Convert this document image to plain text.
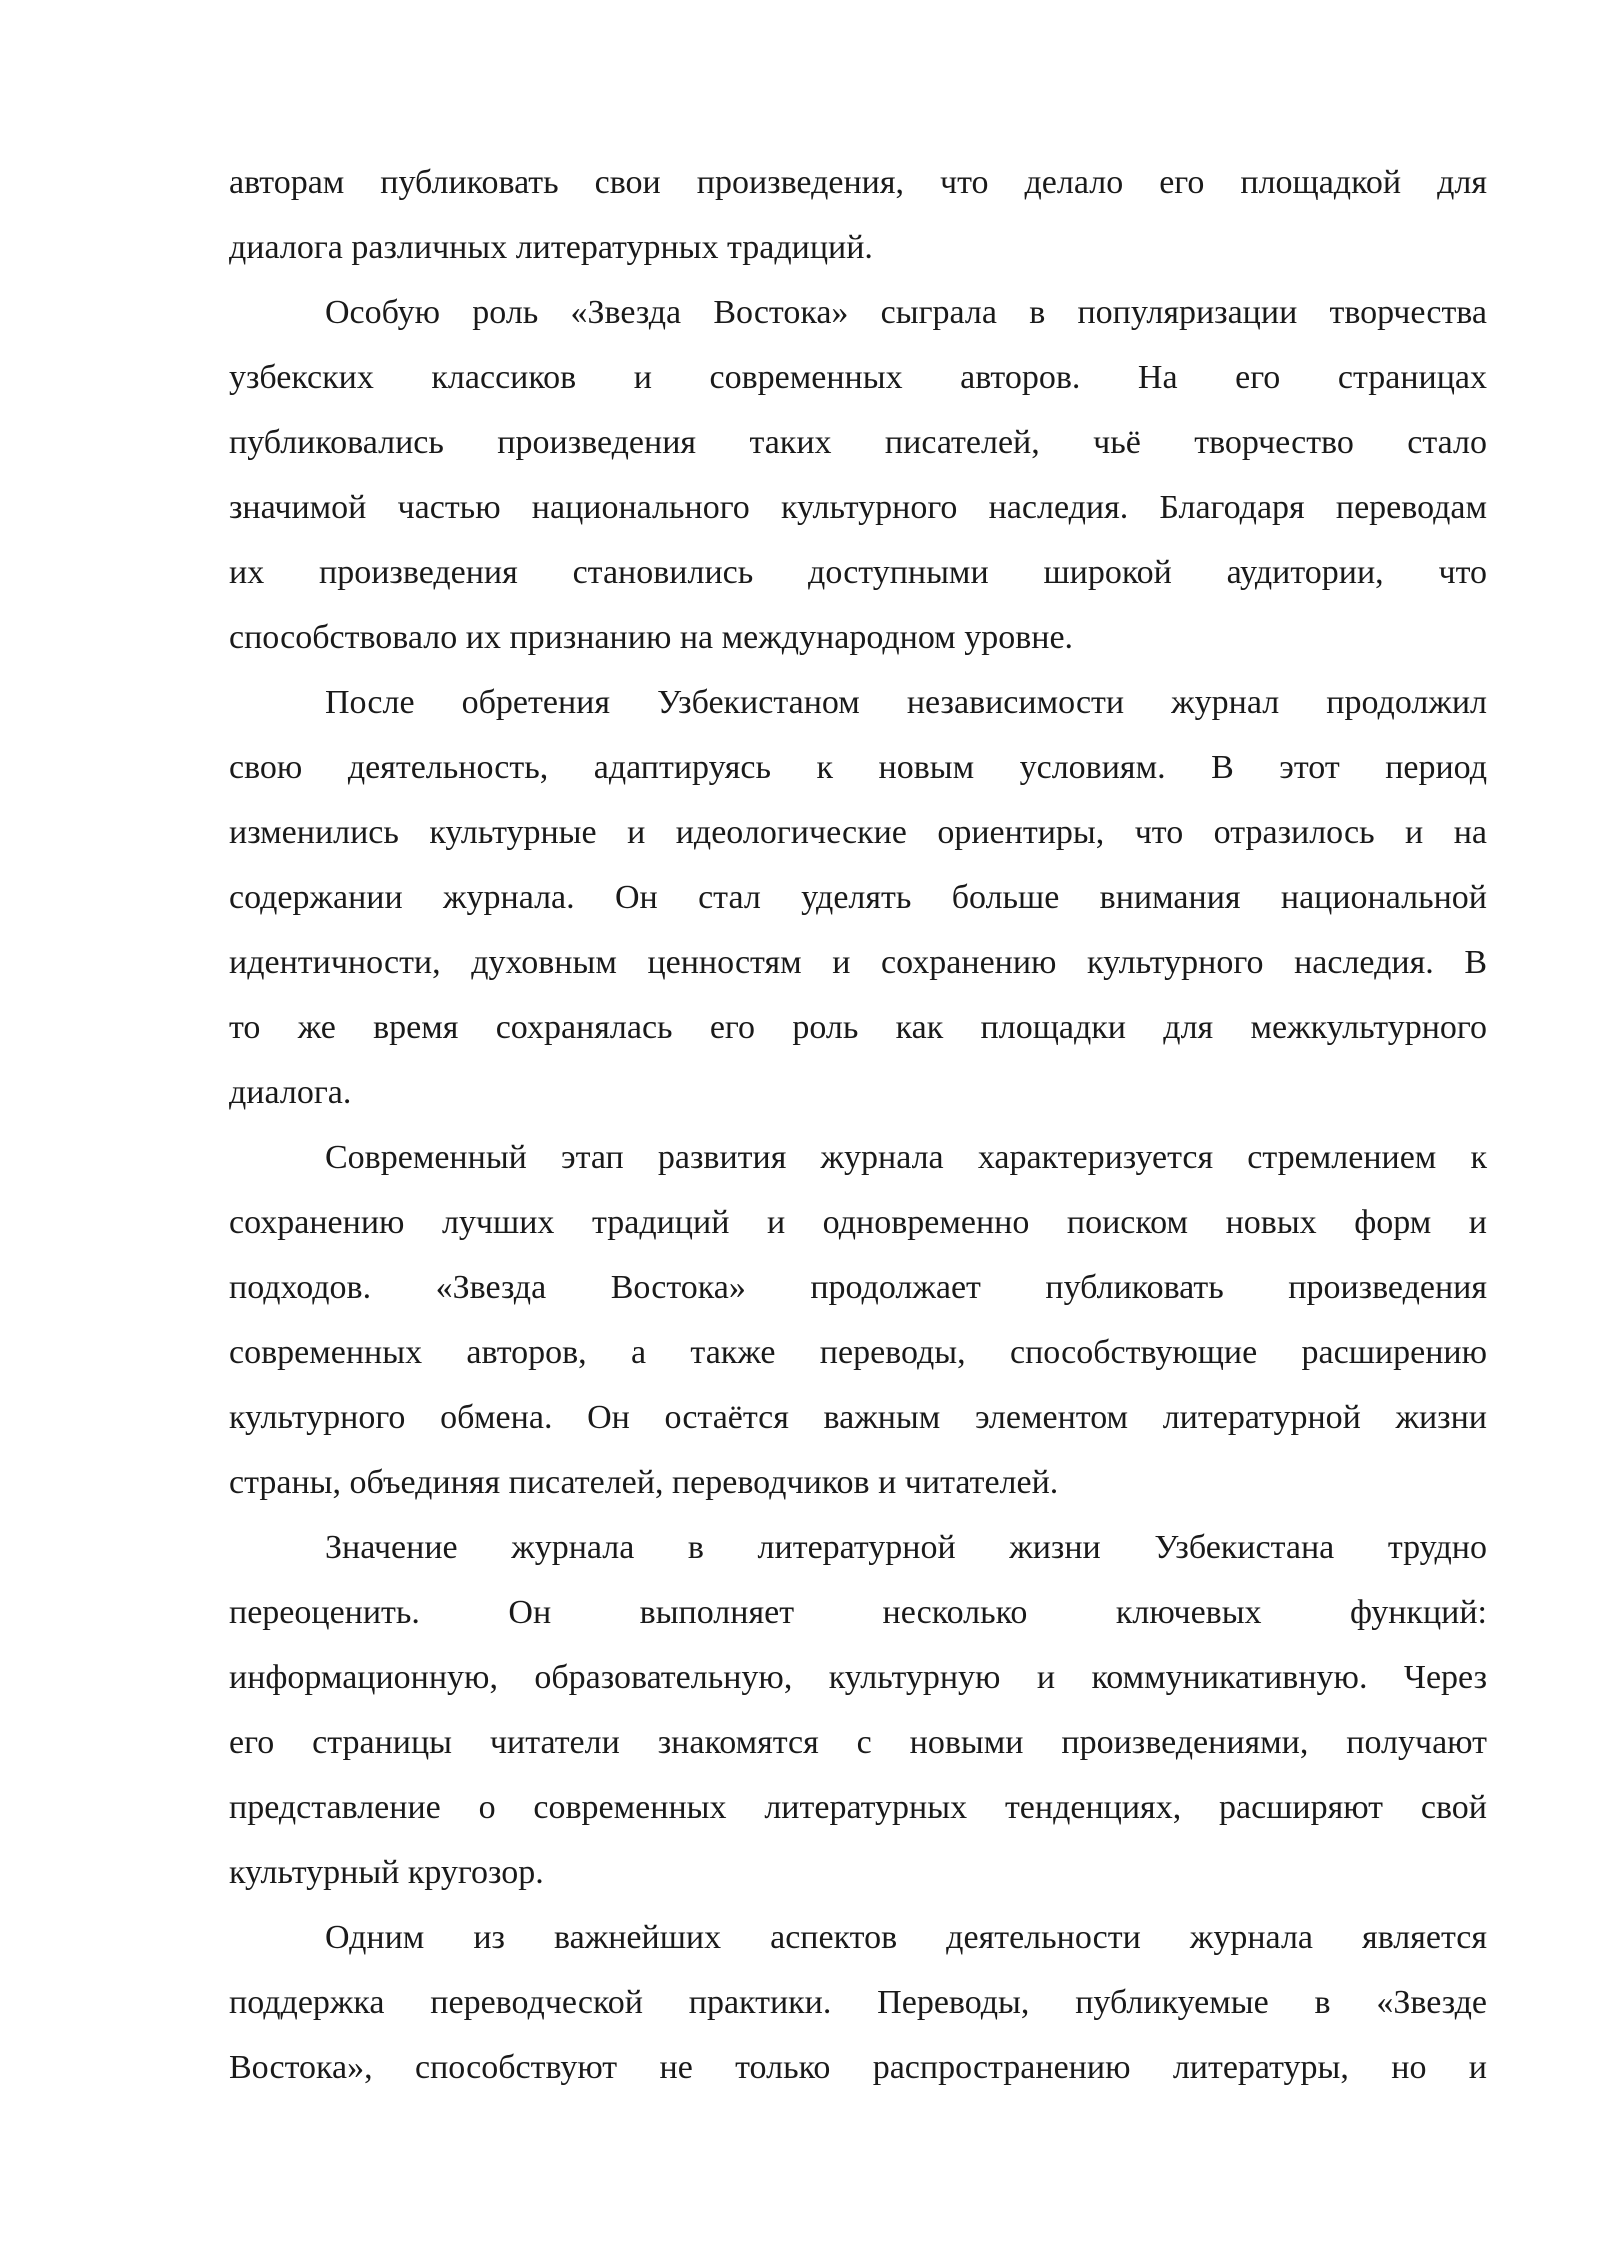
авторам публиковать свои произведения, что делало его площадкой для
диалога различных литературных традиций.
Особую роль «Звезда Востока» сыграла в популяризации творчества
узбекских классиков и современных авторов. На его страницах
публиковались произведения таких писателей, чьё творчество стало
значимой частью национального культурного наследия. Благодаря переводам
их произведения становились доступными широкой аудитории, что
способствовало их признанию на международном уровне.
После обретения Узбекистаном независимости журнал продолжил
свою деятельность, адаптируясь к новым условиям. В этот период
изменились культурные и идеологические ориентиры, что отразилось и на
содержании журнала. Он стал уделять больше внимания национальной
идентичности, духовным ценностям и сохранению культурного наследия. В
то же время сохранялась его роль как площадки для межкультурного
диалога.
Современный этап развития журнала характеризуется стремлением к
сохранению лучших традиций и одновременно поиском новых форм и
подходов. «Звезда Востока» продолжает публиковать произведения
современных авторов, а также переводы, способствующие расширению
культурного обмена. Он остаётся важным элементом литературной жизни
страны, объединяя писателей, переводчиков и читателей.
Значение журнала в литературной жизни Узбекистана трудно
переоценить. Он выполняет несколько ключевых функций:
информационную, образовательную, культурную и коммуникативную. Через
его страницы читатели знакомятся с новыми произведениями, получают
представление о современных литературных тенденциях, расширяют свой
культурный кругозор.
Одним из важнейших аспектов деятельности журнала является
поддержка переводческой практики. Переводы, публикуемые в «Звезде
Востока», способствуют не только распространению литературы, но и
